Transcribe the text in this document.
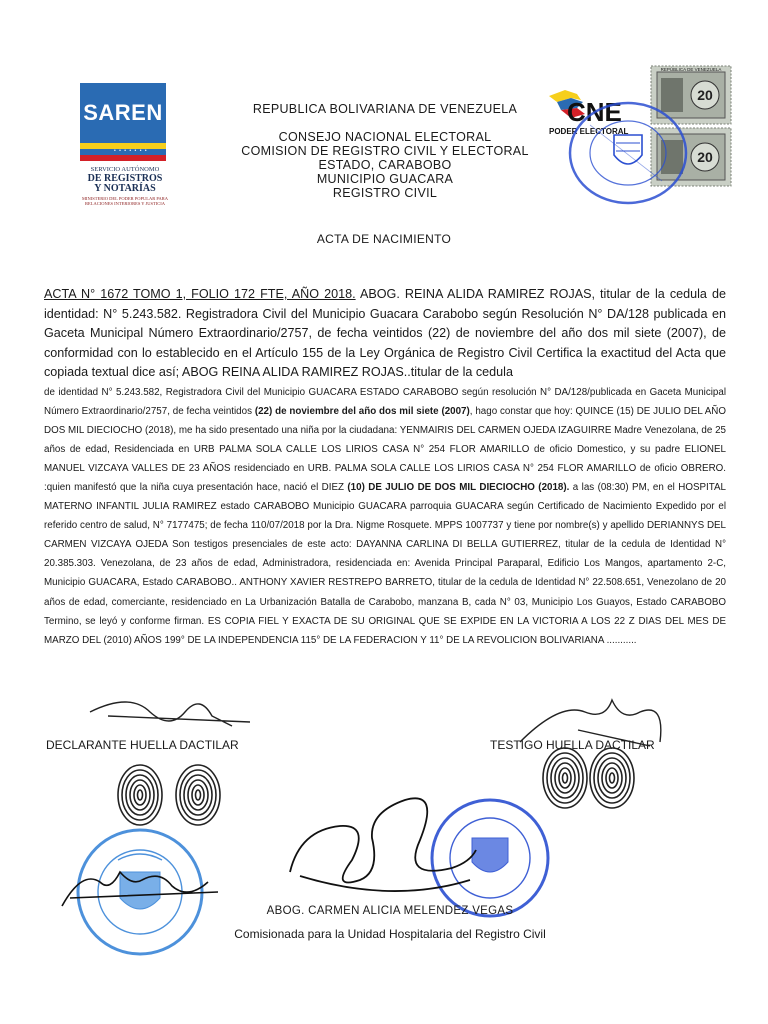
SAREN
• • • • • • •
SERVICIO AUTÓNOMO
DE REGISTROS
Y NOTARÍAS
MINISTERIO DEL PODER POPULAR PARA RELACIONES INTERIORES Y JUSTICIA
REPUBLICA BOLIVARIANA DE VENEZUELA
CONSEJO NACIONAL ELECTORAL
COMISION DE REGISTRO CIVIL Y ELECTORAL
ESTADO, CARABOBO
MUNICIPIO GUACARA
REGISTRO CIVIL
CNE
PODER ELECTORAL
20
REPÚBLICA DE VENEZUELA
20
ACTA DE NACIMIENTO
ACTA N° 1672 TOMO 1, FOLIO 172 FTE, AÑO 2018. ABOG. REINA ALIDA RAMIREZ ROJAS, titular de la cedula de identidad: N° 5.243.582. Registradora Civil del Municipio Guacara Carabobo según Resolución N° DA/128 publicada en Gaceta Municipal Número Extraordinario/2757, de fecha veintidos (22) de noviembre del año dos mil siete (2007), de conformidad con lo establecido en el Artículo 155 de la Ley Orgánica de Registro Civil Certifica la exactitud del Acta que copiada textual dice así; ABOG REINA ALIDA RAMIREZ ROJAS..titular de la cedula
de identidad N° 5.243.582, Registradora Civil del Municipio GUACARA ESTADO CARABOBO según resolución N° DA/128/publicada en Gaceta Municipal Número Extraordinario/2757, de fecha veintidos (22) de noviembre del año dos mil siete (2007), hago constar que hoy: QUINCE (15) DE JULIO DEL AÑO DOS MIL DIECIOCHO (2018), me ha sido presentado una niña por la ciudadana: YENMAIRIS DEL CARMEN OJEDA IZAGUIRRE Madre Venezolana, de 25 años de edad, Residenciada en URB PALMA SOLA CALLE LOS LIRIOS CASA N° 254 FLOR AMARILLO de oficio Domestico, y su padre ELIONEL MANUEL VIZCAYA VALLES DE 23 AÑOS residenciado en URB. PALMA SOLA CALLE LOS LIRIOS CASA N° 254 FLOR AMARILLO de oficio OBRERO. :quien manifestó que la niña cuya presentación hace, nació el DIEZ (10) DE JULIO DE DOS MIL DIECIOCHO (2018). a las (08:30) PM, en el HOSPITAL MATERNO INFANTIL JULIA RAMIREZ estado CARABOBO Municipio GUACARA parroquia GUACARA según Certificado de Nacimiento Expedido por el referido centro de salud, N° 7177475; de fecha 110/07/2018 por la Dra. Nigme Rosquete. MPPS 1007737 y tiene por nombre(s) y apellido DERIANNYS DEL CARMEN VIZCAYA OJEDA Son testigos presenciales de este acto: DAYANNA CARLINA DI BELLA GUTIERREZ, titular de la cedula de Identidad N° 20.385.303. Venezolana, de 23 años de edad, Administradora, residenciada en: Avenida Principal Paraparal, Edificio Los Mangos, apartamento 2-C, Municipio GUACARA, Estado CARABOBO.. ANTHONY XAVIER RESTREPO BARRETO, titular de la cedula de Identidad N° 22.508.651, Venezolano de 20 años de edad, comerciante, residenciado en La Urbanización Batalla de Carabobo, manzana B, cada N° 03, Municipio Los Guayos, Estado CARABOBO Termino, se leyó y conforme firman. ES COPIA FIEL Y EXACTA DE SU ORIGINAL QUE SE EXPIDE EN LA VICTORIA A LOS 22 Z DIAS DEL MES DE MARZO DEL (2010) AÑOS 199° DE LA INDEPENDENCIA 115° DE LA FEDERACION Y 11° DE LA REVOLICION BOLIVARIANA ...........
DECLARANTE HUELLA DACTILAR	TESTIGO HUELLA DACTILAR
ABOG. CARMEN ALICIA MELENDEZ VEGAS
Comisionada para la Unidad Hospitalaria del Registro Civil
